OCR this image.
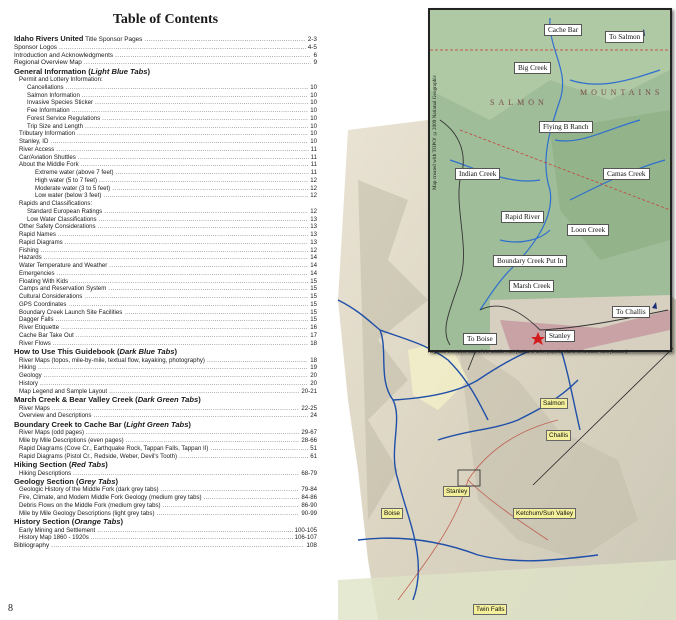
Table of Contents
Idaho Rivers United Title Sponsor Pages .....	2-3
Sponsor Logos .....	4-5
Introduction and Acknowledgments .....	6
Regional Overview Map .....	9
General Information (Light Blue Tabs)
Permit and Lottery Information:
Cancellations .....	10
Salmon Information .....	10
Invasive Species Sticker .....	10
Fee Information .....	10
Forest Service Regulations .....	10
Trip Size and Length .....	10
Tributary Information .....	10
Stanley, ID .....	10
River Access .....	11
Car/Aviation Shuttles .....	11
About the Middle Fork .....	11
Extreme water (above 7 feet) .....	11
High water (5 to 7 feet) .....	12
Moderate water (3 to 5 feet) .....	12
Low water (below 3 feet) .....	12
Rapids and Classifications:
Standard European Ratings .....	12
Low Water Classifications .....	13
Other Safety Considerations .....	13
Rapid Names .....	13
Rapid Diagrams .....	13
Fishing .....	12
Hazards .....	14
Water Temperature and Weather .....	14
Emergencies .....	14
Floating With Kids .....	15
Camps and Reservation System .....	15
Cultural Considerations .....	15
GPS Coordinates .....	15
Boundary Creek Launch Site Facilities .....	15
Dagger Falls .....	15
River Etiquette .....	16
Cache Bar Take Out .....	17
River Flows .....	18
How to Use This Guidebook (Dark Blue Tabs)
River Maps (topos, mile-by-mile, textual flow, kayaking, photography) .....	18
Hiking .....	19
Geology .....	20
History .....	20
Map Legend and Sample Layout .....	20-21
March Creek & Bear Valley Creek (Dark Green Tabs)
River Maps .....	22-25
Overview and Descriptions .....	24
Boundary Creek to Cache Bar (Light Green Tabs)
River Maps (odd pages) .....	29-67
Mile by Mile Descriptions (even pages) .....	28-66
Rapid Diagrams (Cove Cr., Earthquake Rock, Tappan Falls, Tappan II) .....	51
Rapid Diagrams (Pistol Cr., Redside, Weber, Devil's Tooth) .....	61
Hiking Section (Red Tabs)
Hiking Descriptions .....	68-79
Geology Section (Grey Tabs)
Geologic History of the Middle Fork (dark grey tabs) .....	79-84
Fire, Climate, and Modern Middle Fork Geology (medium grey tabs) .....	84-86
Debris Flows on the Middle Fork (medium grey tabs) .....	86-90
Mile by Mile Geology Descriptions (light grey tabs) .....	90-99
History Section (Orange Tabs)
Early Mining and Settlement .....	100-105
History Map 1860 - 1920s .....	106-107
Bibliography .....	108
8
Salmon
Challis
Stanley
Boise	Ketchum/Sun Valley
Twin Falls
SALMON
MOUNTAINS
Map created with TOPO! ©2009 National Geographic
Cache Bar
To Salmon
Big Creek
Flying B Ranch
Indian Creek	Camas Creek
Rapid River
Loon Creek
Boundary Creek Put In
Marsh Creek
To Challis
To Boise	Stanley
Regional Overview Map of the Middle Fork (top) and other popular Idaho whitewater runs (bottom).
